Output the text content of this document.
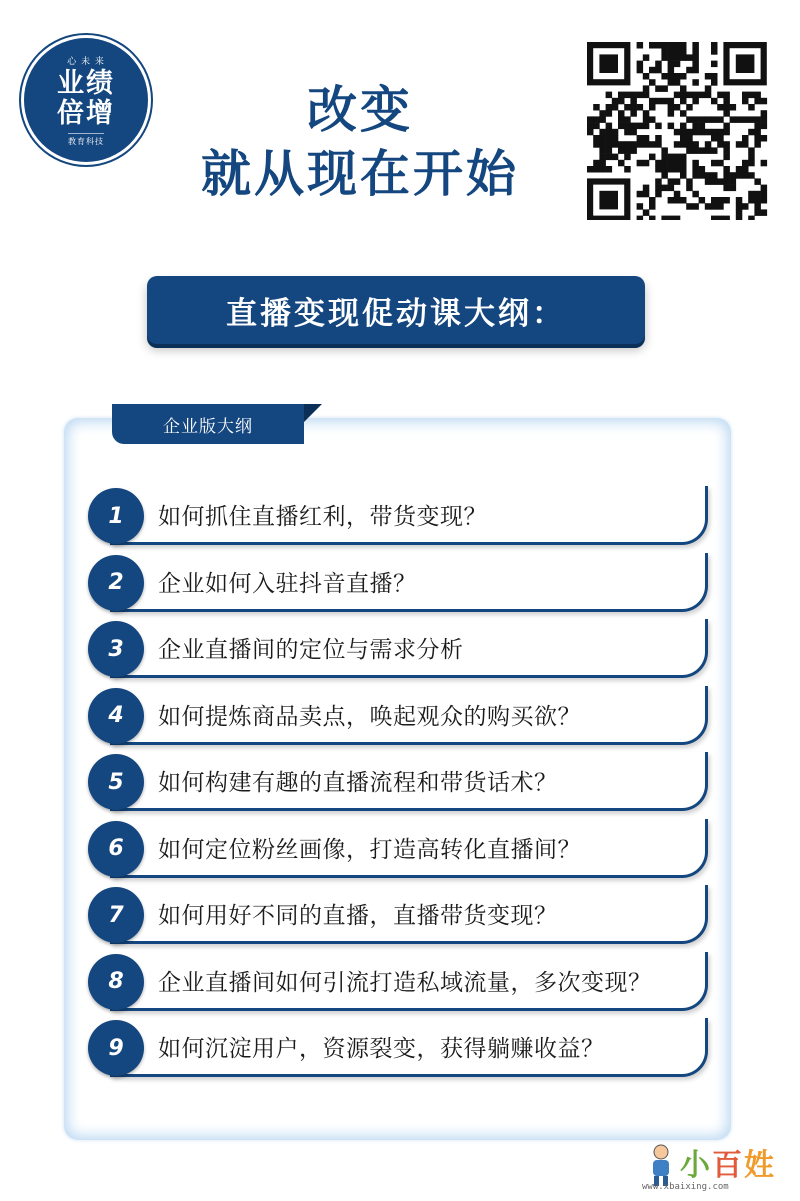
心 未 来
业绩
倍增
教育科技
改变
就从现在开始
直播变现促动课大纲：
企业版大纲
1	如何抓住直播红利，带货变现？
2	企业如何入驻抖音直播？
3	企业直播间的定位与需求分析
4	如何提炼商品卖点，唤起观众的购买欲？
5	如何构建有趣的直播流程和带货话术？
6	如何定位粉丝画像，打造高转化直播间？
7	如何用好不同的直播，直播带货变现？
8	企业直播间如何引流打造私域流量，多次变现？
9	如何沉淀用户，资源裂变，获得躺赚收益？
小百姓
www.xbaixing.com
